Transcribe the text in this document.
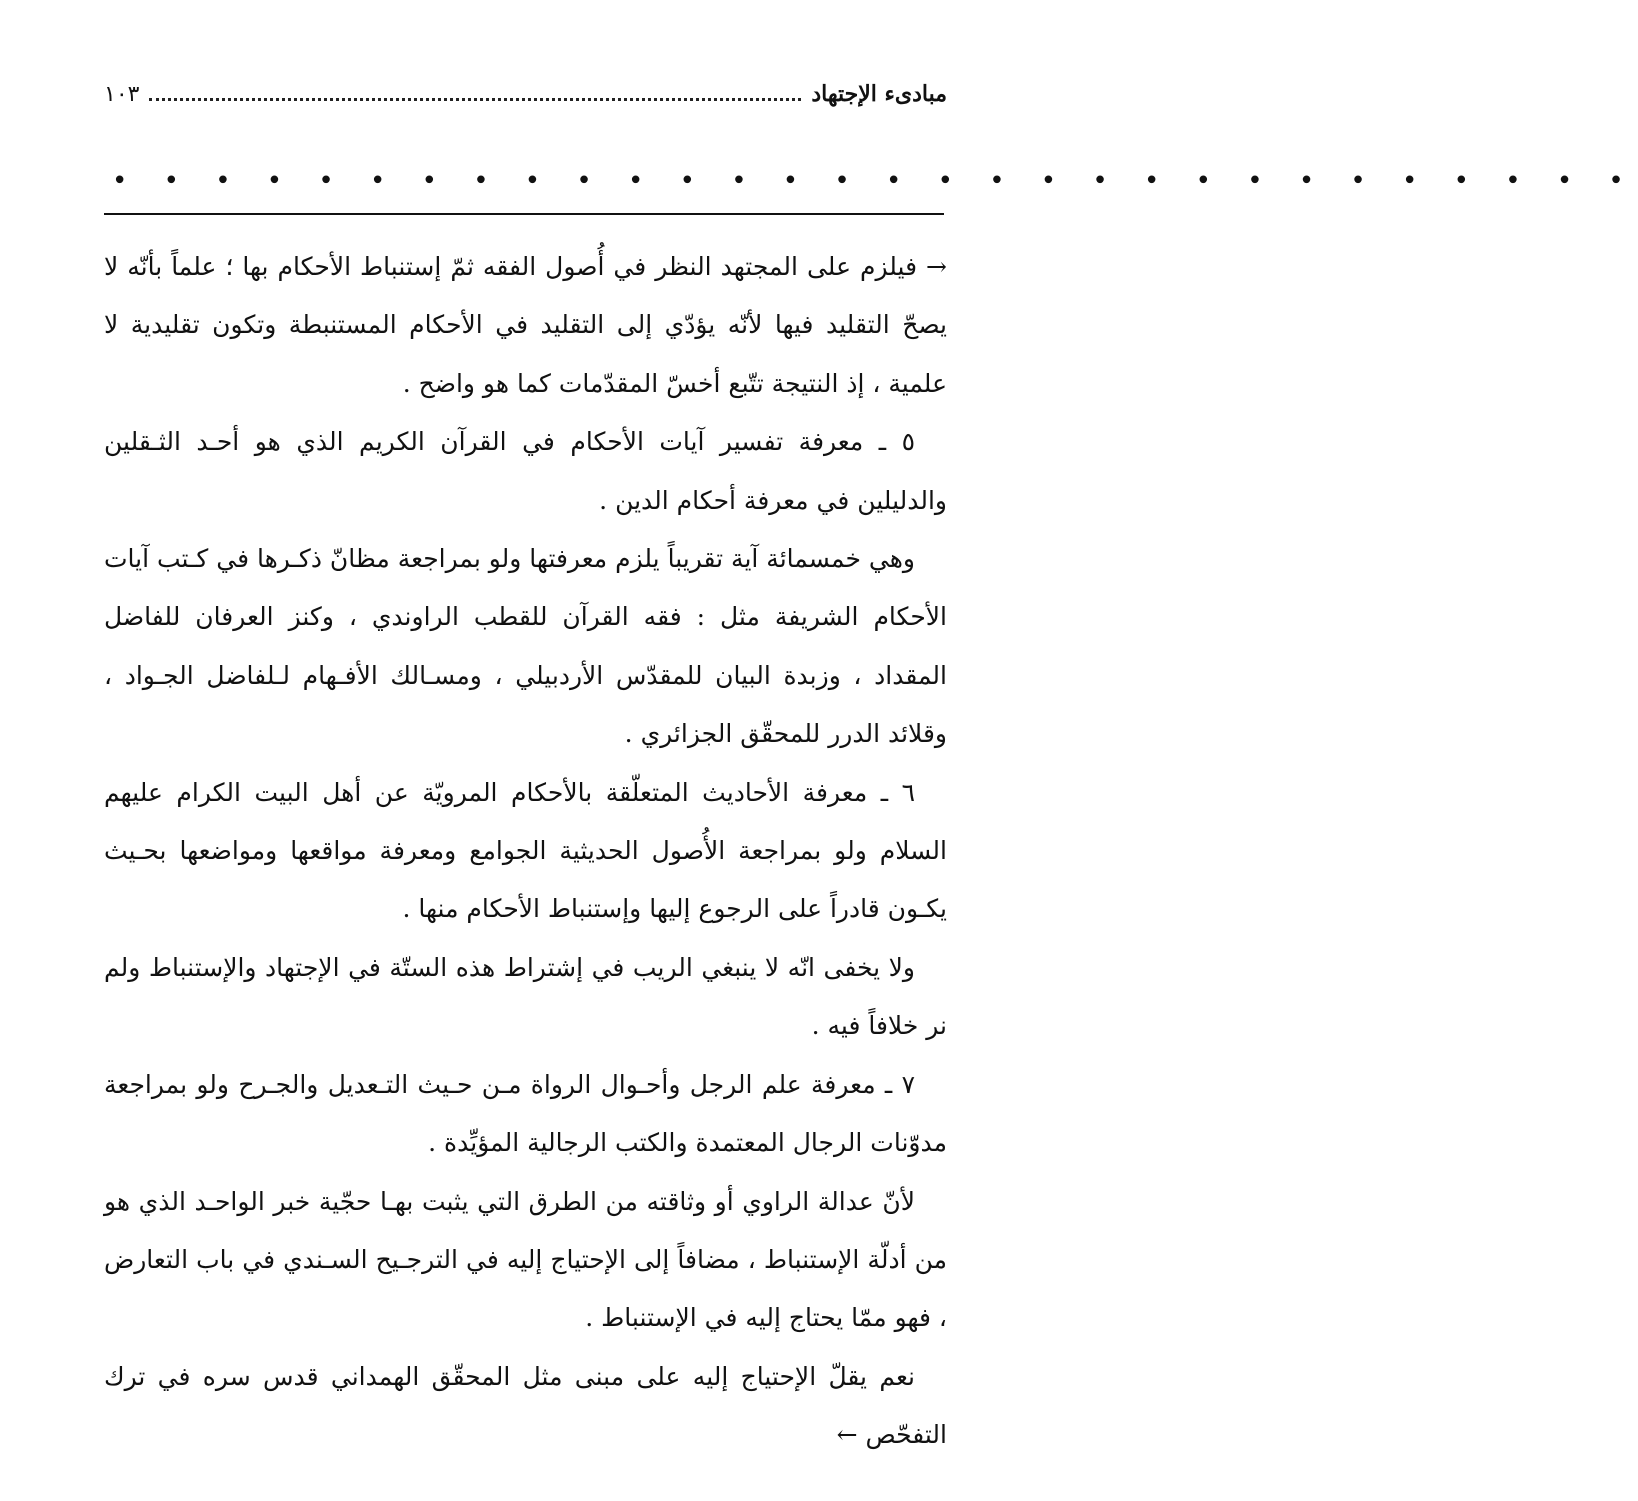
مبادىء الإجتهاد
١٠٣
• • • • • • • • • • • • • • • • • • • • • • • • • • • • • •

→ فيلزم على المجتهد النظر في أُصول الفقه ثمّ إستنباط الأحكام بها ؛ علماً بأنّه لا يصحّ التقليد فيها لأنّه يؤدّي إلى التقليد في الأحكام المستنبطة وتكون تقليدية لا علمية ، إذ النتيجة تتّبع أخسّ المقدّمات كما هو واضح .

٥ ـ معرفة تفسير آيات الأحكام في القرآن الكريم الذي هو أحـد الثـقلين والدليلين في معرفة أحكام الدين .

وهي خمسمائة آية تقريباً يلزم معرفتها ولو بمراجعة مظانّ ذكـرها في كـتب آيات الأحكام الشريفة مثل : فقه القرآن للقطب الراوندي ، وكنز العرفان للفاضل المقداد ، وزبدة البيان للمقدّس الأردبيلي ، ومسـالك الأفـهام لـلفاضل الجـواد ، وقلائد الدرر للمحقّق الجزائري .

٦ ـ معرفة الأحاديث المتعلّقة بالأحكام المرويّة عن أهل البيت الكرام عليهم السلام ولو بمراجعة الأُصول الحديثية الجوامع ومعرفة مواقعها ومواضعها بحـيث يكـون قادراً على الرجوع إليها وإستنباط الأحكام منها .

ولا يخفى انّه لا ينبغي الريب في إشتراط هذه الستّة في الإجتهاد والإستنباط ولم نر خلافاً فيه .

٧ ـ معرفة علم الرجل وأحـوال الرواة مـن حـيث التـعديل والجـرح ولو بمراجعة مدوّنات الرجال المعتمدة والكتب الرجالية المؤيِّدة .

لأنّ عدالة الراوي أو وثاقته من الطرق التي يثبت بهـا حجّية خبر الواحـد الذي هو من أدلّة الإستنباط ، مضافاً إلى الإحتياج إليه في الترجـيح السـندي في باب التعارض ، فهو ممّا يحتاج إليه في الإستنباط .

نعم يقلّ الإحتياج إليه على مبنى مثل المحقّق الهمداني قدس سره في ترك التفحّص ←
